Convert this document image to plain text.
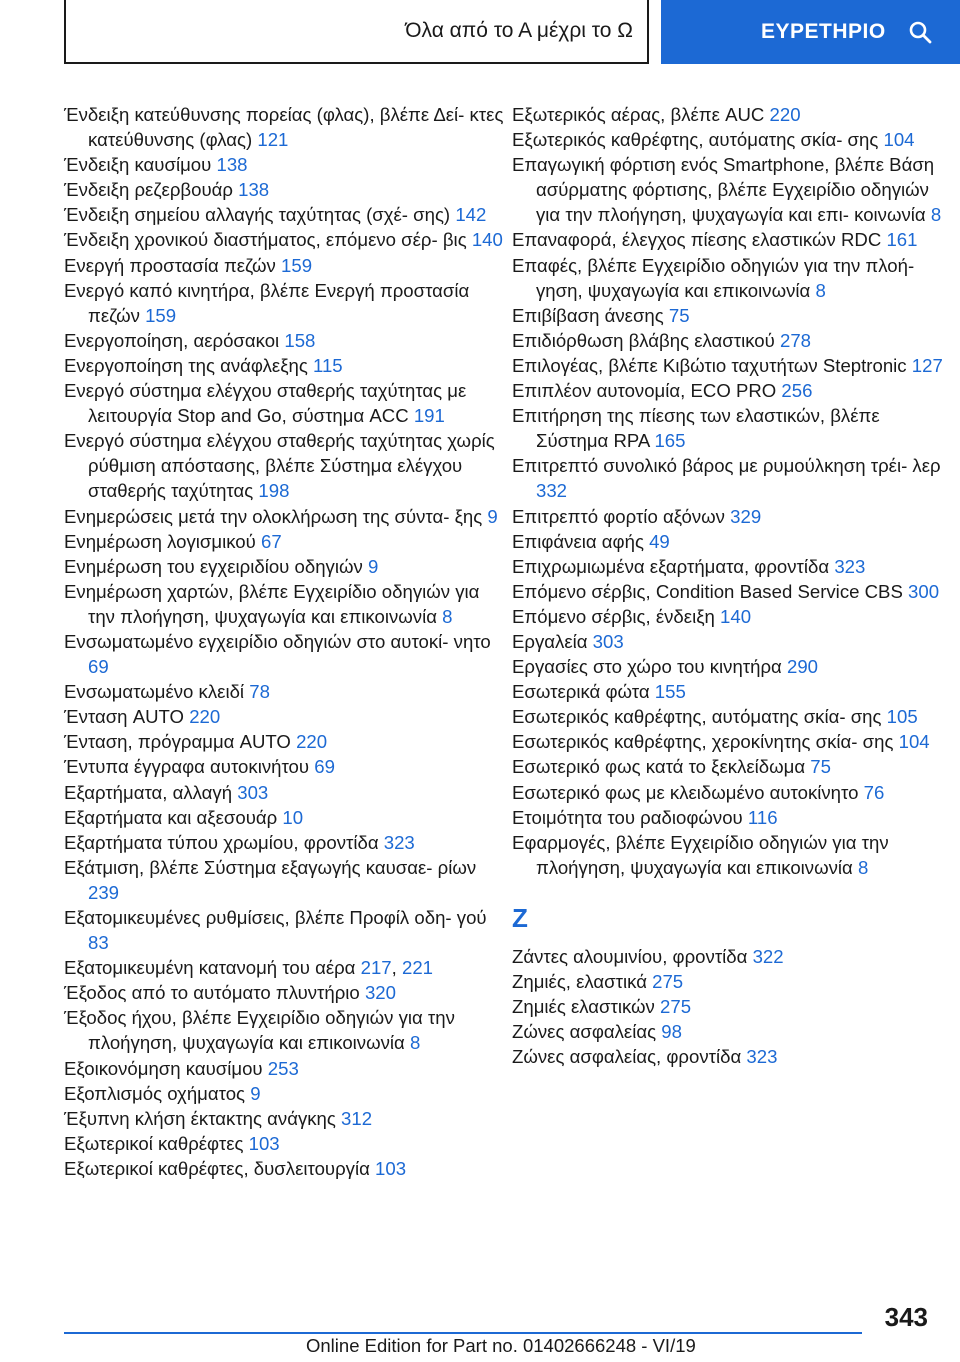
Όλα από το Α μέχρι το Ω	ΕΥΡΕΤΗΡΙΟ
Ένδειξη κατεύθυνσης πορείας (φλας), βλέπε Δεί- κτες κατεύθυνσης (φλας) 121
Ένδειξη καυσίμου 138
Ένδειξη ρεζερβουάρ 138
Ένδειξη σημείου αλλαγής ταχύτητας (σχέ- σης) 142
Ένδειξη χρονικού διαστήματος, επόμενο σέρ- βις 140
Ενεργή προστασία πεζών 159
Ενεργό καπό κινητήρα, βλέπε Ενεργή προστασία πεζών 159
Ενεργοποίηση, αερόσακοι 158
Ενεργοποίηση της ανάφλεξης 115
Ενεργό σύστημα ελέγχου σταθερής ταχύτητας με λειτουργία Stop and Go, σύστημα ACC 191
Ενεργό σύστημα ελέγχου σταθερής ταχύτητας χωρίς ρύθμιση απόστασης, βλέπε Σύστημα ελέγχου σταθερής ταχύτητας 198
Ενημερώσεις μετά την ολοκλήρωση της σύντα- ξης 9
Ενημέρωση λογισμικού 67
Ενημέρωση του εγχειριδίου οδηγιών 9
Ενημέρωση χαρτών, βλέπε Εγχειρίδιο οδηγιών για την πλοήγηση, ψυχαγωγία και επικοινωνία 8
Ενσωματωμένο εγχειρίδιο οδηγιών στο αυτοκί- νητο 69
Ενσωματωμένο κλειδί 78
Ένταση AUTO 220
Ένταση, πρόγραμμα AUTO 220
Έντυπα έγγραφα αυτοκινήτου 69
Εξαρτήματα, αλλαγή 303
Εξαρτήματα και αξεσουάρ 10
Εξαρτήματα τύπου χρωμίου, φροντίδα 323
Εξάτμιση, βλέπε Σύστημα εξαγωγής καυσαε- ρίων 239
Εξατομικευμένες ρυθμίσεις, βλέπε Προφίλ οδη- γού 83
Εξατομικευμένη κατανομή του αέρα 217, 221
Έξοδος από το αυτόματο πλυντήριο 320
Έξοδος ήχου, βλέπε Εγχειρίδιο οδηγιών για την πλοήγηση, ψυχαγωγία και επικοινωνία 8
Εξοικονόμηση καυσίμου 253
Εξοπλισμός οχήματος 9
Έξυπνη κλήση έκτακτης ανάγκης 312
Εξωτερικοί καθρέφτες 103
Εξωτερικοί καθρέφτες, δυσλειτουργία 103
Εξωτερικός αέρας, βλέπε AUC 220
Εξωτερικός καθρέφτης, αυτόματης σκία- σης 104
Επαγωγική φόρτιση ενός Smartphone, βλέπε Βάση ασύρματης φόρτισης, βλέπε Εγχειρίδιο οδηγιών για την πλοήγηση, ψυχαγωγία και επι- κοινωνία 8
Επαναφορά, έλεγχος πίεσης ελαστικών RDC 161
Επαφές, βλέπε Εγχειρίδιο οδηγιών για την πλοή- γηση, ψυχαγωγία και επικοινωνία 8
Επιβίβαση άνεσης 75
Επιδιόρθωση βλάβης ελαστικού 278
Επιλογέας, βλέπε Κιβώτιο ταχυτήτων Steptronic 127
Επιπλέον αυτονομία, ECO PRO 256
Επιτήρηση της πίεσης των ελαστικών, βλέπε Σύστημα RPA 165
Επιτρεπτό συνολικό βάρος με ρυμούλκηση τρέι- λερ 332
Επιτρεπτό φορτίο αξόνων 329
Επιφάνεια αφής 49
Επιχρωμιωμένα εξαρτήματα, φροντίδα 323
Επόμενο σέρβις, Condition Based Service CBS 300
Επόμενο σέρβις, ένδειξη 140
Εργαλεία 303
Εργασίες στο χώρο του κινητήρα 290
Εσωτερικά φώτα 155
Εσωτερικός καθρέφτης, αυτόματης σκία- σης 105
Εσωτερικός καθρέφτης, χεροκίνητης σκία- σης 104
Εσωτερικό φως κατά το ξεκλείδωμα 75
Εσωτερικό φως με κλειδωμένο αυτοκίνητο 76
Ετοιμότητα του ραδιοφώνου 116
Εφαρμογές, βλέπε Εγχειρίδιο οδηγιών για την πλοήγηση, ψυχαγωγία και επικοινωνία 8
Z
Ζάντες αλουμινίου, φροντίδα 322
Ζημιές, ελαστικά 275
Ζημιές ελαστικών 275
Ζώνες ασφαλείας 98
Ζώνες ασφαλείας, φροντίδα 323
343
Online Edition for Part no. 01402666248 - VI/19
